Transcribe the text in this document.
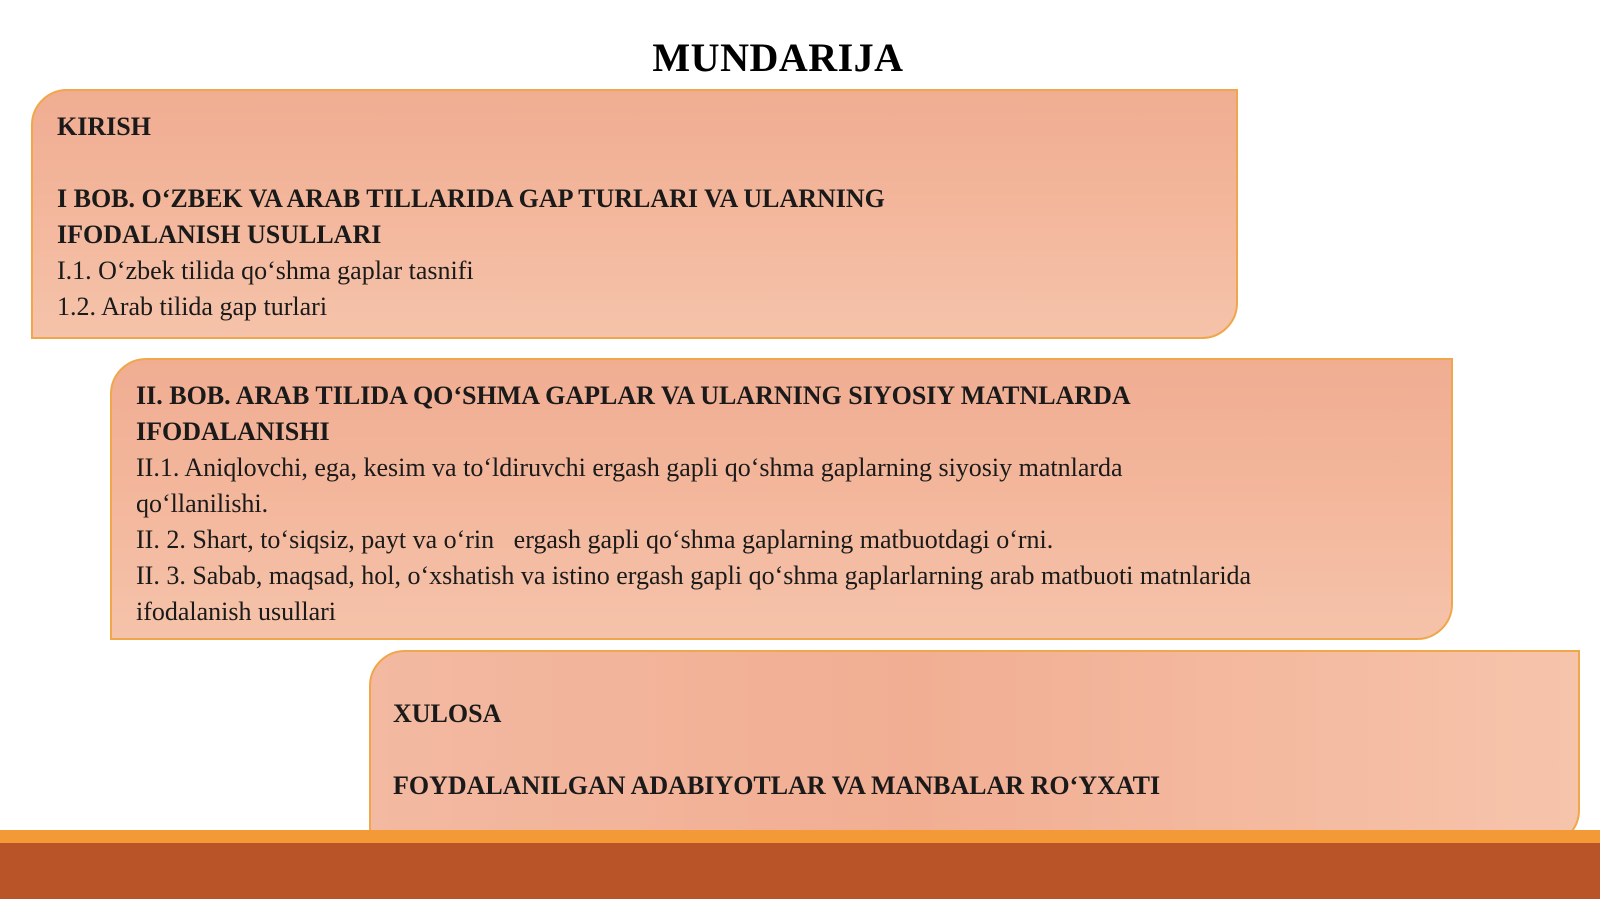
MUNDARIJA
KIRISH
I BOB. O‘ZBEK VA ARAB TILLARIDA GAP TURLARI VA ULARNING
IFODALANISH USULLARI
I.1. O‘zbek tilida qo‘shma gaplar tasnifi
1.2. Arab tilida gap turlari
II. BOB. ARAB TILIDA QO‘SHMA GAPLAR VA ULARNING SIYOSIY MATNLARDA
IFODALANISHI
II.1. Aniqlovchi, ega, kesim va to‘ldiruvchi ergash gapli qo‘shma gaplarning siyosiy matnlarda
qo‘llanilishi.
II. 2. Shart, to‘siqsiz, payt va o‘rin   ergash gapli qo‘shma gaplarning matbuotdagi o‘rni.
II. 3. Sabab, maqsad, hol, o‘xshatish va istino ergash gapli qo‘shma gaplarlarning arab matbuoti matnlarida
ifodalanish usullari
XULOSA
FOYDALANILGAN ADABIYOTLAR VA MANBALAR RO‘YXATI
